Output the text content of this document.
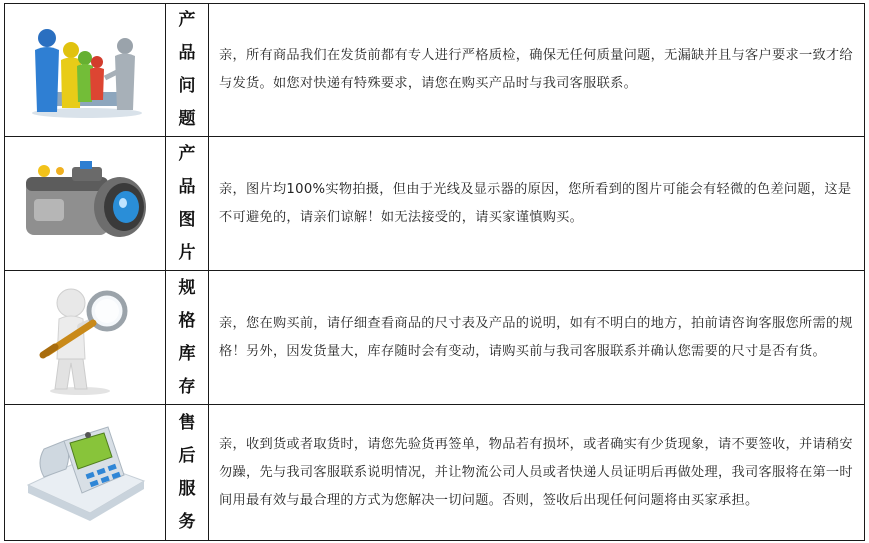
产
品
问
题	亲，所有商品我们在发货前都有专人进行严格质检，确保无任何质量问题，无漏缺并且与客户要求一致才给与发货。如您对快递有特殊要求，请您在购买产品时与我司客服联系。

产
品
图
片	亲，图片均100%实物拍摄，但由于光线及显示器的原因，您所看到的图片可能会有轻微的色差问题，这是不可避免的，请亲们谅解！如无法接受的，请买家谨慎购买。

规
格
库
存	亲，您在购买前，请仔细查看商品的尺寸表及产品的说明，如有不明白的地方，拍前请咨询客服您所需的规格！另外，因发货量大，库存随时会有变动，请购买前与我司客服联系并确认您需要的尺寸是否有货。

售
后
服
务	亲，收到货或者取货时，请您先验货再签单，物品若有损坏，或者确实有少货现象，请不要签收，并请稍安勿躁，先与我司客服联系说明情况，并让物流公司人员或者快递人员证明后再做处理，我司客服将在第一时间用最有效与最合理的方式为您解决一切问题。否则，签收后出现任何问题将由买家承担。
